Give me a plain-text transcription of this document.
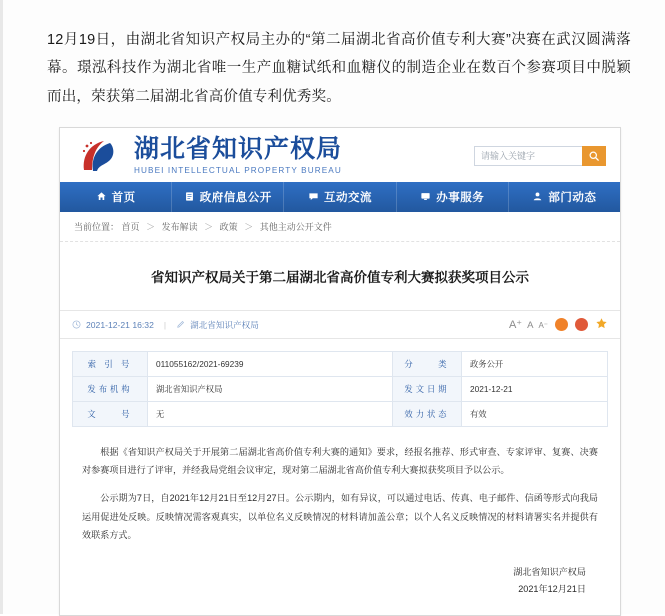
12月19日，由湖北省知识产权局主办的“第二届湖北省高价值专利大赛”决赛在武汉圆满落幕。璟泓科技作为湖北省唯一生产血糖试纸和血糖仪的制造企业在数百个参赛项目中脱颖而出，荣获第二届湖北省高价值专利优秀奖。
湖北省知识产权局
HUBEI INTELLECTUAL PROPERTY BUREAU
请输入关键字
首页	政府信息公开	互动交流	办事服务	部门动态
当前位置： 首页 ＞ 发布解读 ＞ 政策 ＞ 其他主动公开文件
省知识产权局关于第二届湖北省高价值专利大赛拟获奖项目公示
2021-12-21 16:32 |	湖北省知识产权局	A⁺ A A⁻
索 引 号	011055162/2021-69239	分　　类	政务公开
发布机构	湖北省知识产权局	发文日期	2021-12-21
文　　号	无	效力状态	有效

根据《省知识产权局关于开展第二届湖北省高价值专利大赛的通知》要求，经报名推荐、形式审查、专家评审、复赛、决赛对参赛项目进行了评审，并经我局党组会议审定，现对第二届湖北省高价值专利大赛拟获奖项目予以公示。

公示期为7日，自2021年12月21日至12月27日。公示期内，如有异议，可以通过电话、传真、电子邮件、信函等形式向我局运用促进处反映。反映情况需客观真实，以单位名义反映情况的材料请加盖公章；以个人名义反映情况的材料请署实名并提供有效联系方式。

湖北省知识产权局
2021年12月21日
